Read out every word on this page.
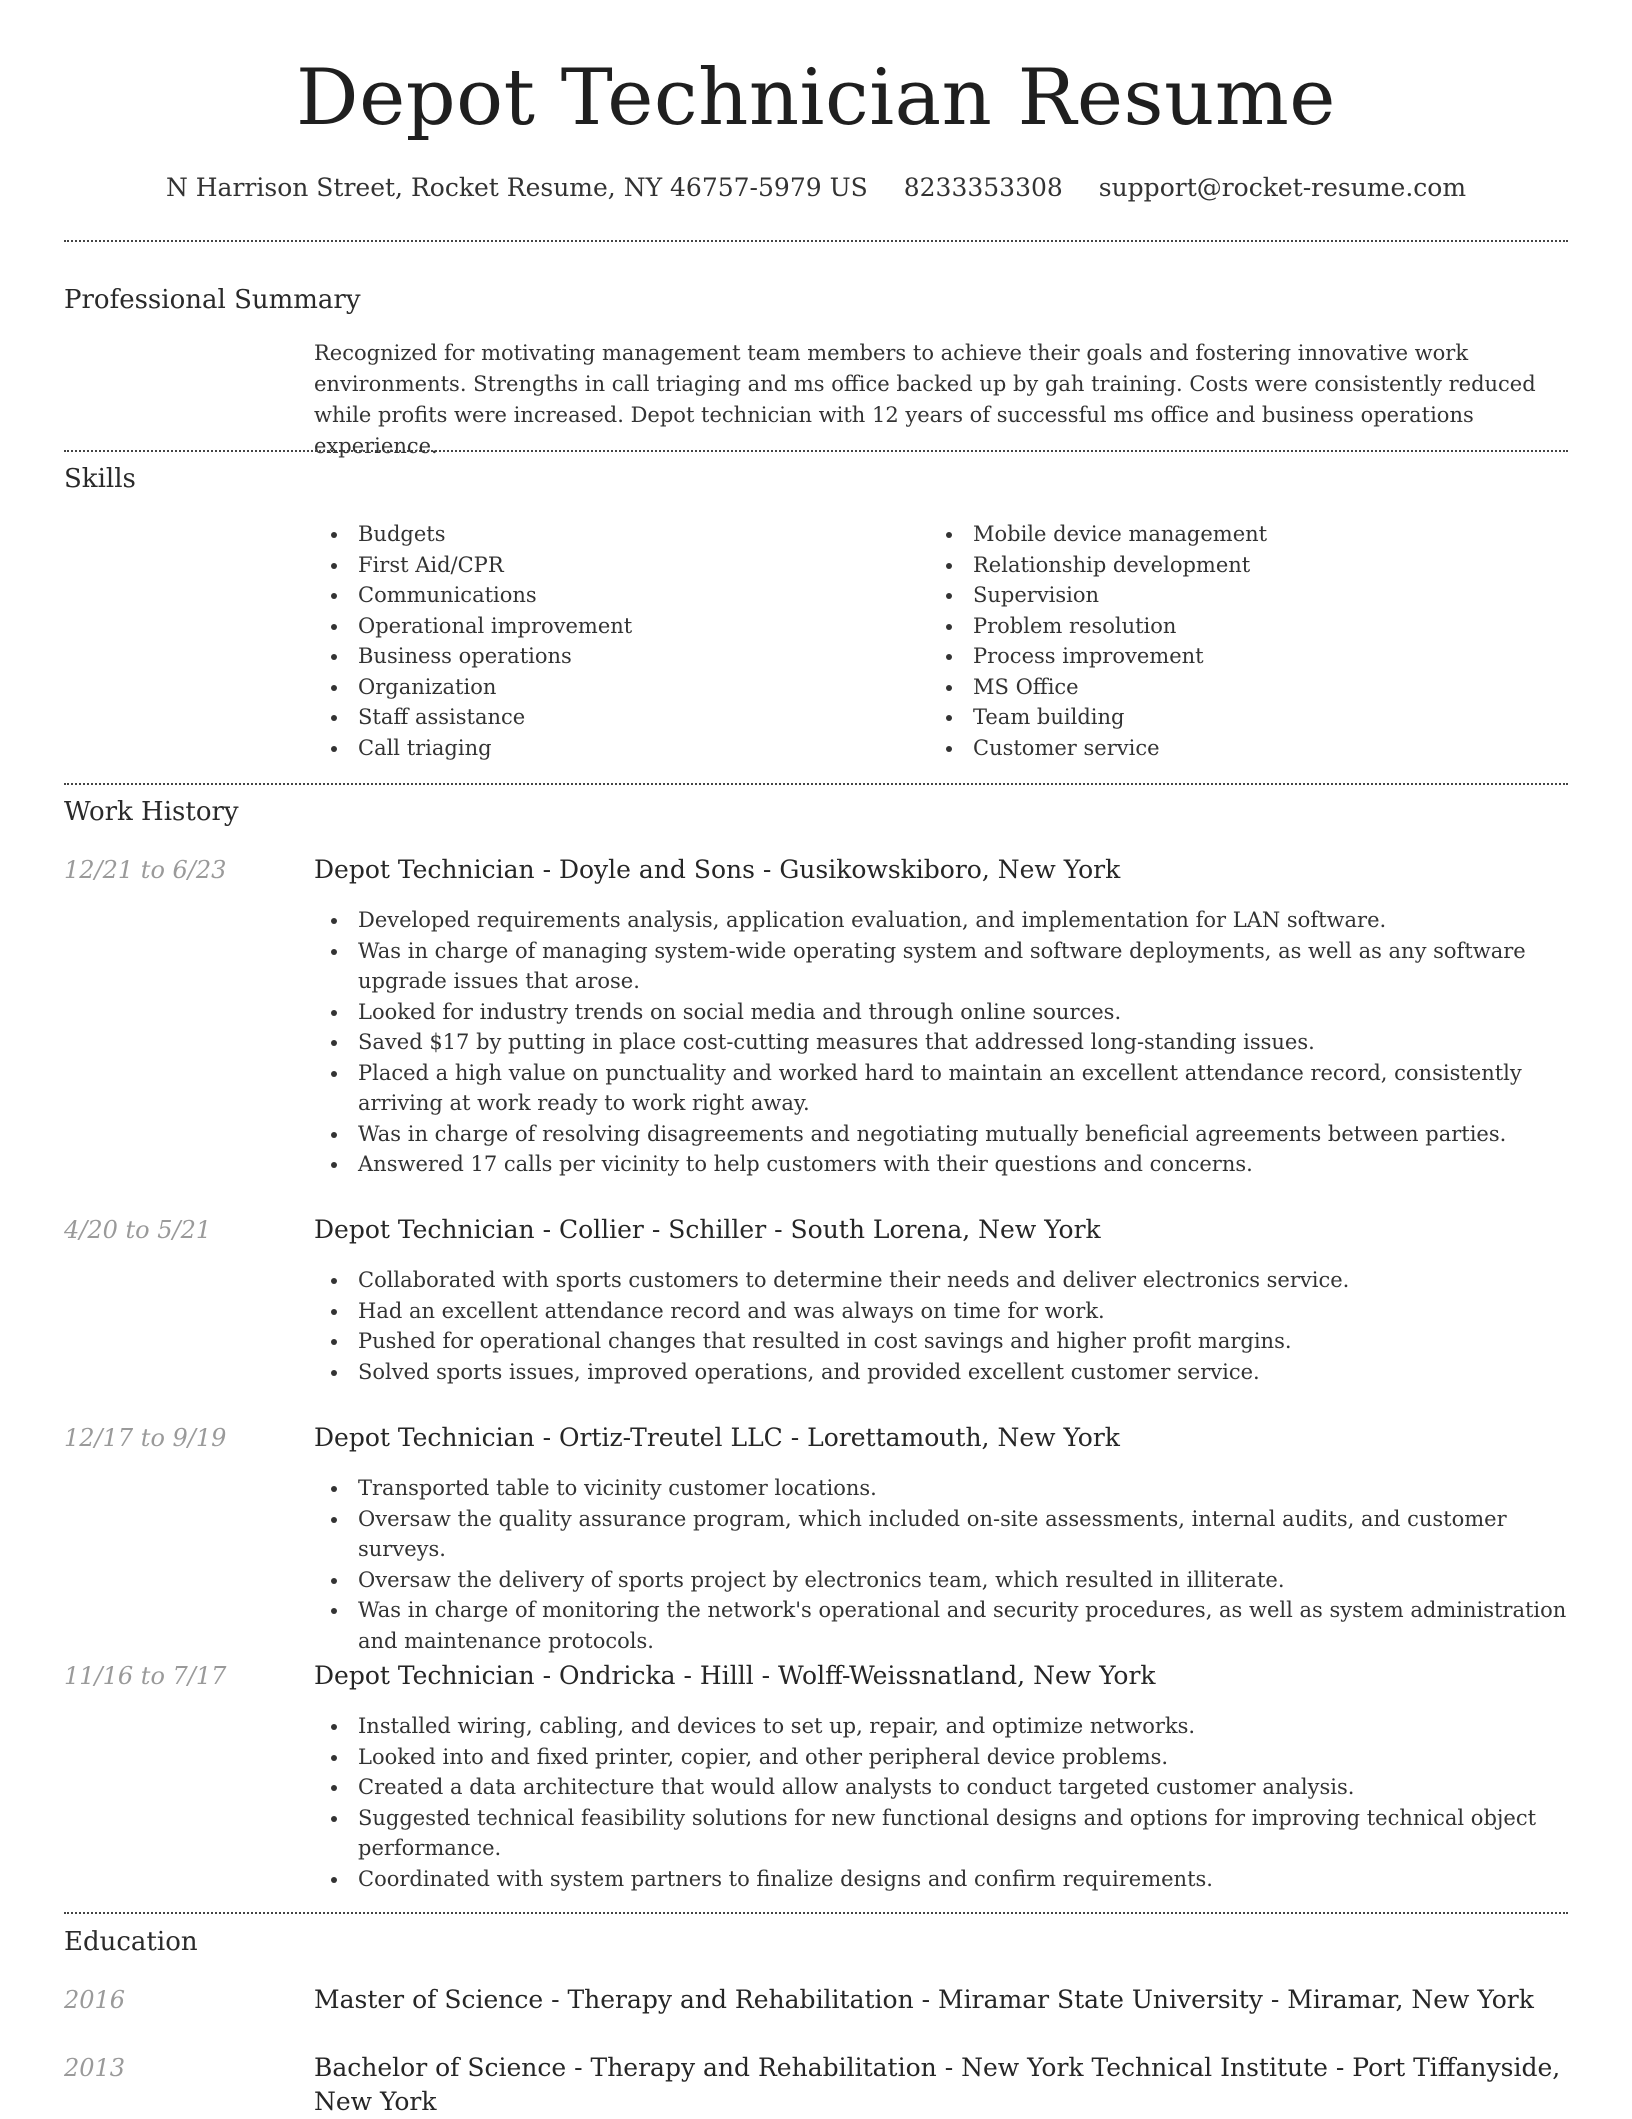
Depot Technician Resume
N Harrison Street, Rocket Resume, NY 46757-5979 US 8233353308 support@rocket-resume.com
Professional Summary

Recognized for motivating management team members to achieve their goals and fostering innovative work environments. Strengths in call triaging and ms office backed up by gah training. Costs were consistently reduced while profits were increased. Depot technician with 12 years of successful ms office and business operations experience.

Skills
Budgets
First Aid/CPR
Communications
Operational improvement
Business operations
Organization
Staff assistance
Call triaging
Mobile device management
Relationship development
Supervision
Problem resolution
Process improvement
MS Office
Team building
Customer service
Work History
12/21 to 6/23	Depot Technician - Doyle and Sons - Gusikowskiboro, New York
Developed requirements analysis, application evaluation, and implementation for LAN software.
Was in charge of managing system-wide operating system and software deployments, as well as any software upgrade issues that arose.
Looked for industry trends on social media and through online sources.
Saved $17 by putting in place cost-cutting measures that addressed long-standing issues.
Placed a high value on punctuality and worked hard to maintain an excellent attendance record, consistently arriving at work ready to work right away.
Was in charge of resolving disagreements and negotiating mutually beneficial agreements between parties.
Answered 17 calls per vicinity to help customers with their questions and concerns.
4/20 to 5/21	Depot Technician - Collier - Schiller - South Lorena, New York
Collaborated with sports customers to determine their needs and deliver electronics service.
Had an excellent attendance record and was always on time for work.
Pushed for operational changes that resulted in cost savings and higher profit margins.
Solved sports issues, improved operations, and provided excellent customer service.
12/17 to 9/19	Depot Technician - Ortiz-Treutel LLC - Lorettamouth, New York
Transported table to vicinity customer locations.
Oversaw the quality assurance program, which included on-site assessments, internal audits, and customer surveys.
Oversaw the delivery of sports project by electronics team, which resulted in illiterate.
Was in charge of monitoring the network's operational and security procedures, as well as system administration and maintenance protocols.
11/16 to 7/17	Depot Technician - Ondricka - Hilll - Wolff-Weissnatland, New York
Installed wiring, cabling, and devices to set up, repair, and optimize networks.
Looked into and fixed printer, copier, and other peripheral device problems.
Created a data architecture that would allow analysts to conduct targeted customer analysis.
Suggested technical feasibility solutions for new functional designs and options for improving technical object performance.
Coordinated with system partners to finalize designs and confirm requirements.
Education
2016	Master of Science - Therapy and Rehabilitation - Miramar State University - Miramar, New York
2013	Bachelor of Science - Therapy and Rehabilitation - New York Technical Institute - Port Tiffanyside, New York
